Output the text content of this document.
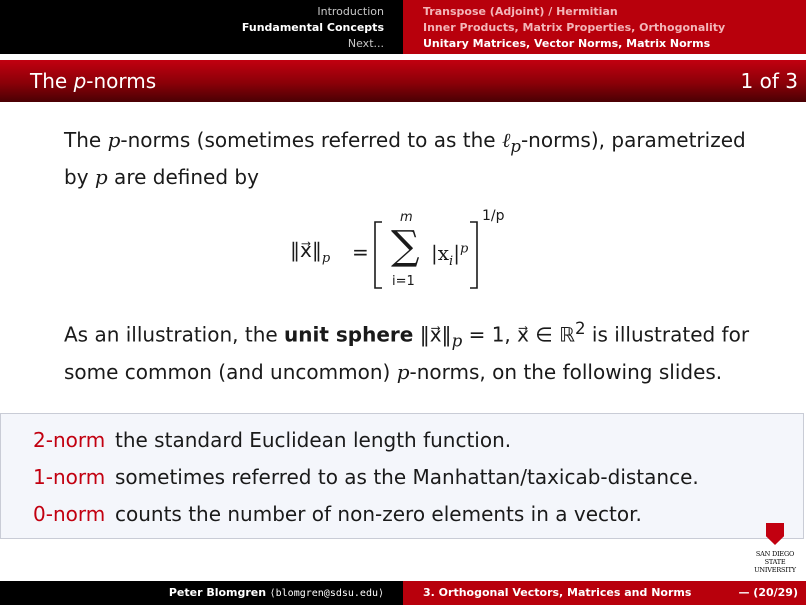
Introduction
Fundamental Concepts
Next...
Transpose (Adjoint) / Hermitian
Inner Products, Matrix Properties, Orthogonality
Unitary Matrices, Vector Norms, Matrix Norms
The p-norms	1 of 3
The p-norms (sometimes referred to as the ℓ$_p$-norms), parametrized by p are defined by
$‖x⃗‖_p$ =
m
∑
i=1
$|x_i|^p$
1/p
As an illustration, the unit sphere $‖x⃗‖_p = 1$, x⃗ ∈ ℝ$^2$ is illustrated for some common (and uncommon) p-norms, on the following slides.
2-norm the standard Euclidean length function.
1-norm sometimes referred to as the Manhattan/taxicab-distance.
0-norm counts the number of non-zero elements in a vector.
SAN DIEGO STATE
UNIVERSITY
Peter Blomgren ⟨blomgren@sdsu.edu⟩	3. Orthogonal Vectors, Matrices and Norms	— (20/29)
